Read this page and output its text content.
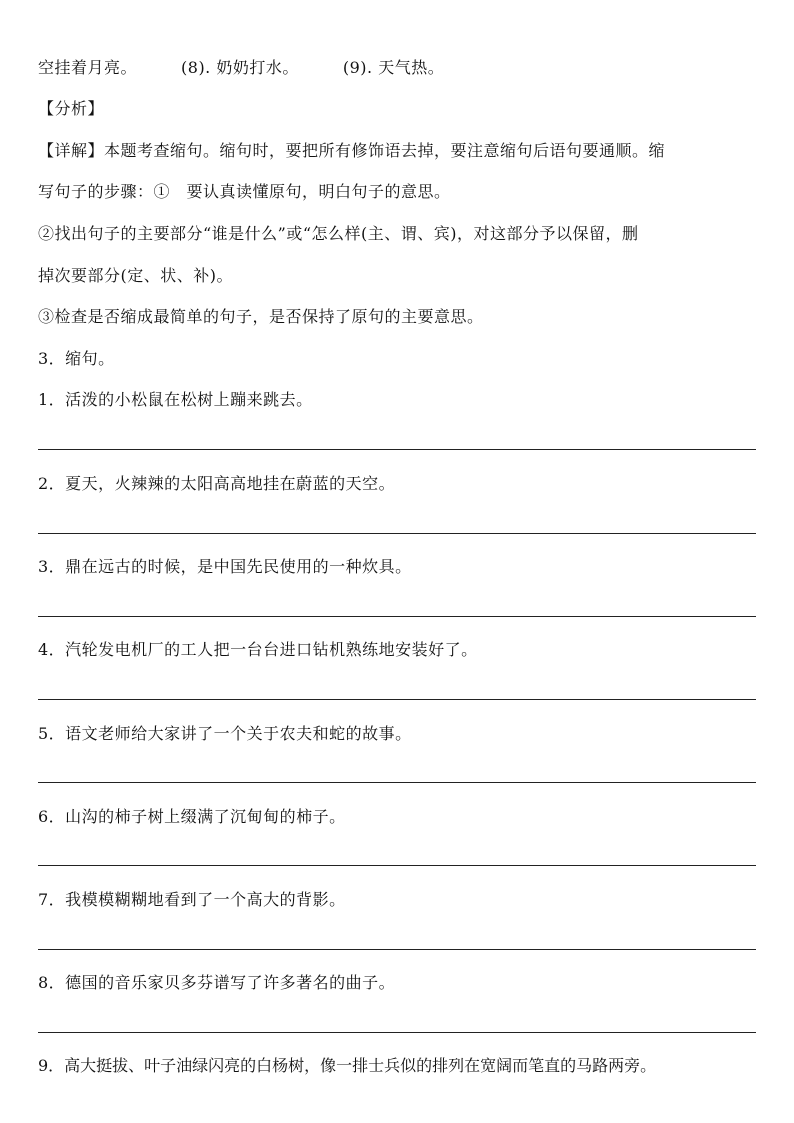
空挂着月亮。	(8). 奶奶打水。	(9). 天气热。
【分析】
【详解】本题考查缩句。缩句时，要把所有修饰语去掉，要注意缩句后语句要通顺。缩
写句子的步骤：①　要认真读懂原句，明白句子的意思。
②找出句子的主要部分“谁是什么”或“怎么样(主、谓、宾)，对这部分予以保留，删
掉次要部分(定、状、补)。
③检查是否缩成最简单的句子，是否保持了原句的主要意思。
3．缩句。
1．活泼的小松鼠在松树上蹦来跳去。
2．夏天，火辣辣的太阳高高地挂在蔚蓝的天空。
3．鼎在远古的时候，是中国先民使用的一种炊具。
4．汽轮发电机厂的工人把一台台进口钻机熟练地安装好了。
5．语文老师给大家讲了一个关于农夫和蛇的故事。
6．山沟的柿子树上缀满了沉甸甸的柿子。
7．我模模糊糊地看到了一个高大的背影。
8．德国的音乐家贝多芬谱写了许多著名的曲子。
9．高大挺拔、叶子油绿闪亮的白杨树，像一排士兵似的排列在宽阔而笔直的马路两旁。
